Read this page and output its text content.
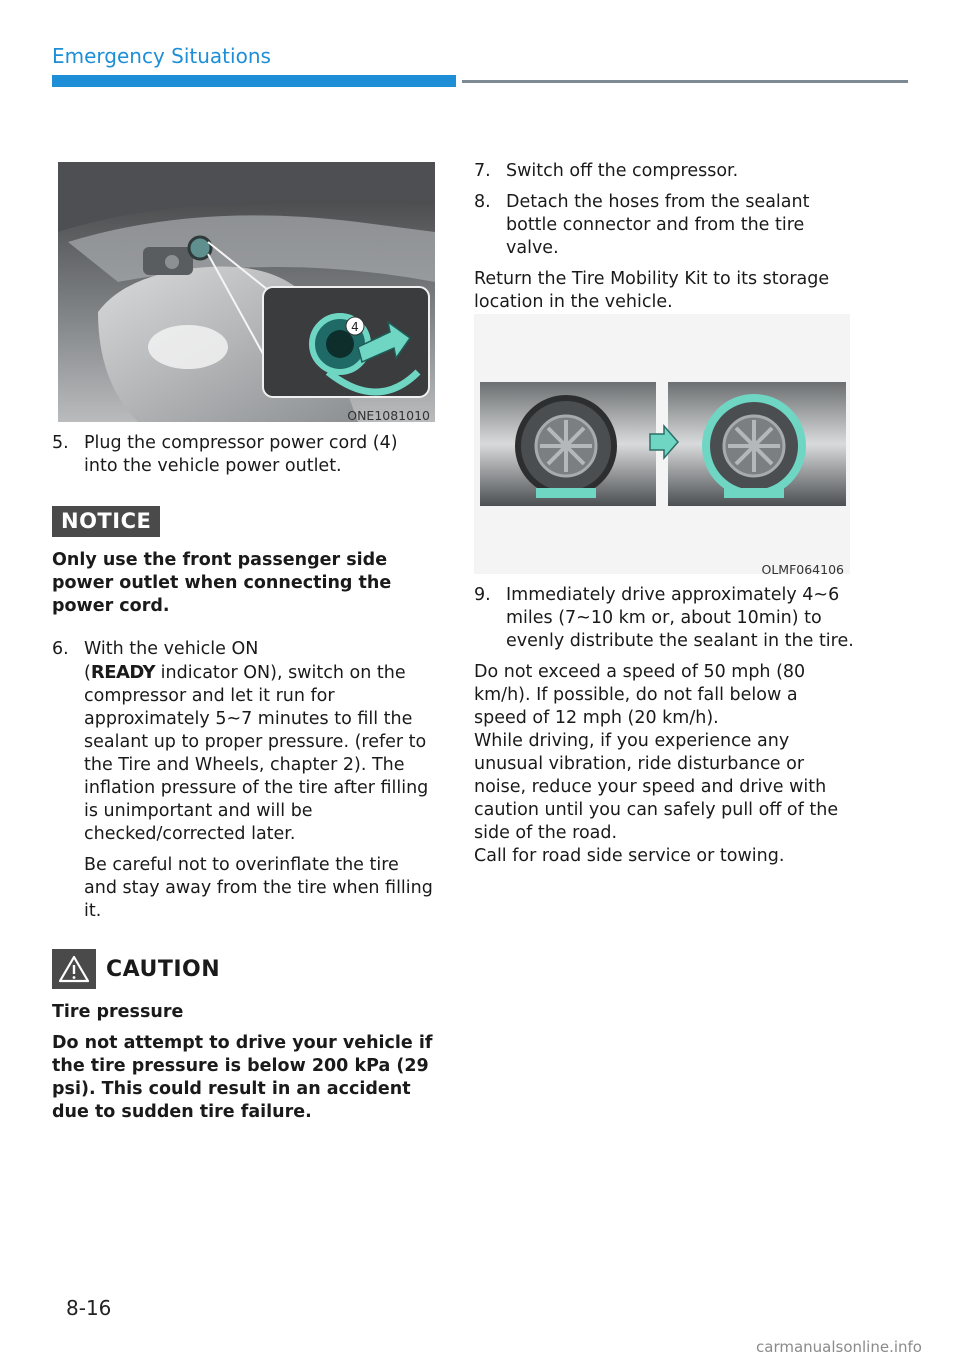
Emergency Situations
4
ONE1081010
5. Plug the compressor power cord (4) into the vehicle power outlet.
NOTICE

Only use the front passenger side power outlet when connecting the power cord.

6. With the vehicle ON
(READY indicator ON), switch on the compressor and let it run for approximately 5~7 minutes to fill the sealant up to proper pressure. (refer to the Tire and Wheels, chapter 2). The inflation pressure of the tire after filling is unimportant and will be checked/corrected later.

Be careful not to overinflate the tire and stay away from the tire when filling it.

CAUTION

Tire pressure

Do not attempt to drive your vehicle if the tire pressure is below 200 kPa (29 psi). This could result in an accident due to sudden tire failure.

7. Switch off the compressor.
8. Detach the hoses from the sealant bottle connector and from the tire valve.

Return the Tire Mobility Kit to its storage location in the vehicle.

OLMF064106
9. Immediately drive approximately 4~6 miles (7~10 km or, about 10min) to evenly distribute the sealant in the tire.

Do not exceed a speed of 50 mph (80 km/h). If possible, do not fall below a speed of 12 mph (20 km/h).

While driving, if you experience any unusual vibration, ride disturbance or noise, reduce your speed and drive with caution until you can safely pull off of the side of the road.

Call for road side service or towing.

8-16
carmanualsonline.info
